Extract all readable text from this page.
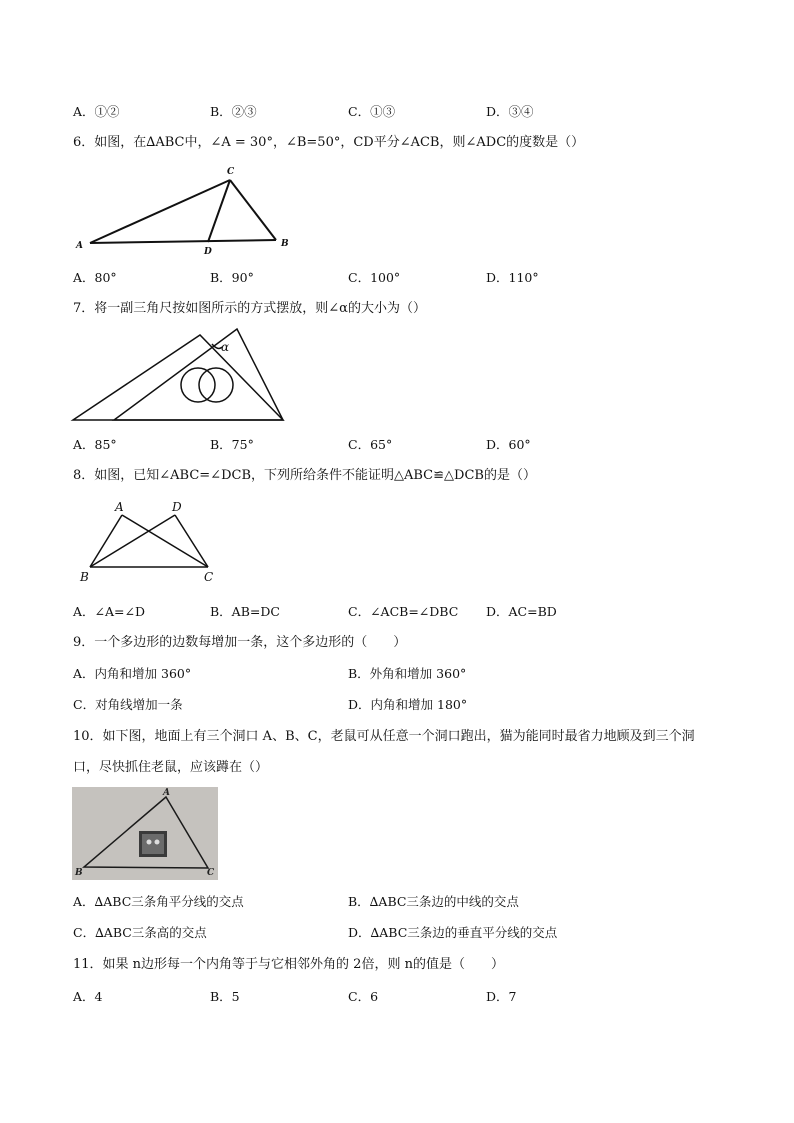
A．①②	B．②③	C．①③	D．③④
6．如图，在∆ABC中，∠A = 30°，∠B=50°，CD平分∠ACB，则∠ADC的度数是（）
A
C
D
B
A．80°	B．90°	C．100°	D．110°
7．将一副三角尺按如图所示的方式摆放，则∠α的大小为（）
α
A．85°	B．75°	C．65°	D．60°
8．如图，已知∠ABC=∠DCB，下列所给条件不能证明△ABC≌△DCB的是（）
A	D
B	C
A．∠A=∠D	B．AB=DC	C．∠ACB=∠DBC D．AC=BD
9．一个多边形的边数每增加一条，这个多边形的（　　）
A．内角和增加 360°	B．外角和增加 360°
C．对角线增加一条	D．内角和增加 180°
10．如下图，地面上有三个洞口 A、B、C，老鼠可从任意一个洞口跑出，猫为能同时最省力地顾及到三个洞
口，尽快抓住老鼠，应该蹲在（）
A
B	C
A．∆ABC三条角平分线的交点	B．∆ABC三条边的中线的交点
C．∆ABC三条高的交点	D．∆ABC三条边的垂直平分线的交点
11．如果 n边形每一个内角等于与它相邻外角的 2倍，则 n的值是（　　）
A．4	B．5	C．6	D．7
